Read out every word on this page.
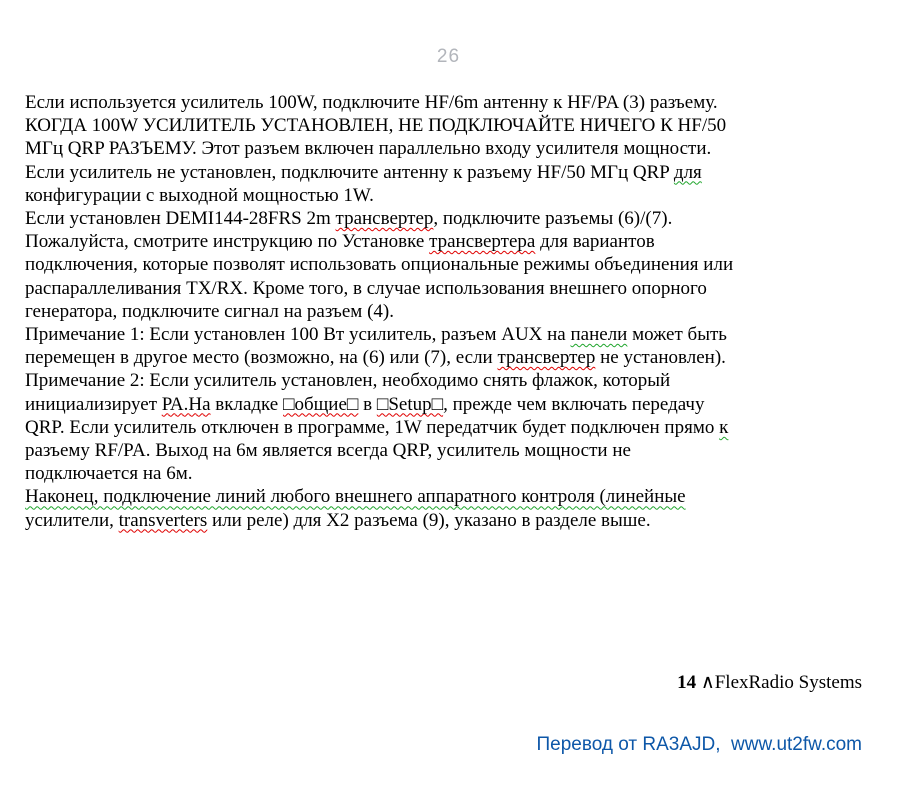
26
Если используется усилитель 100W, подключите HF/6m антенну к HF/PA (3) разъему.
КОГДА 100W УСИЛИТЕЛЬ УСТАНОВЛЕН, НЕ ПОДКЛЮЧАЙТЕ НИЧЕГО К HF/50
МГц QRP РАЗЪЕМУ. Этот разъем включен параллельно входу усилителя мощности.
Если усилитель не установлен, подключите антенну к разъему HF/50 МГц QRP для
конфигурации с выходной мощностью 1W.
Если установлен DEMI144-28FRS 2m трансвертер, подключите разъемы (6)/(7).
Пожалуйста, смотрите инструкцию по Установке трансвертера для вариантов
подключения, которые позволят использовать опциональные режимы объединения или
распараллеливания TX/RX. Кроме того, в случае использования внешнего опорного
генератора, подключите сигнал на разъем (4).
Примечание 1: Если установлен 100 Вт усилитель, разъем AUX на панели может быть
перемещен в другое место (возможно, на (6) или (7), если трансвертер не установлен).
Примечание 2: Если усилитель установлен, необходимо снять флажок, который
инициализирует РА.На вкладке □общие□ в □Setup□, прежде чем включать передачу
QRP. Если усилитель отключен в программе, 1W передатчик будет подключен прямо к
разъему RF/PA. Выход на 6м является всегда QRP, усилитель мощности не
подключается на 6м.
Наконец, подключение линий любого внешнего аппаратного контроля (линейные
усилители, transverters или реле) для X2 разъема (9), указано в разделе выше.
14 ∧FlexRadio Systems
Перевод от RA3AJD,  www.ut2fw.com
